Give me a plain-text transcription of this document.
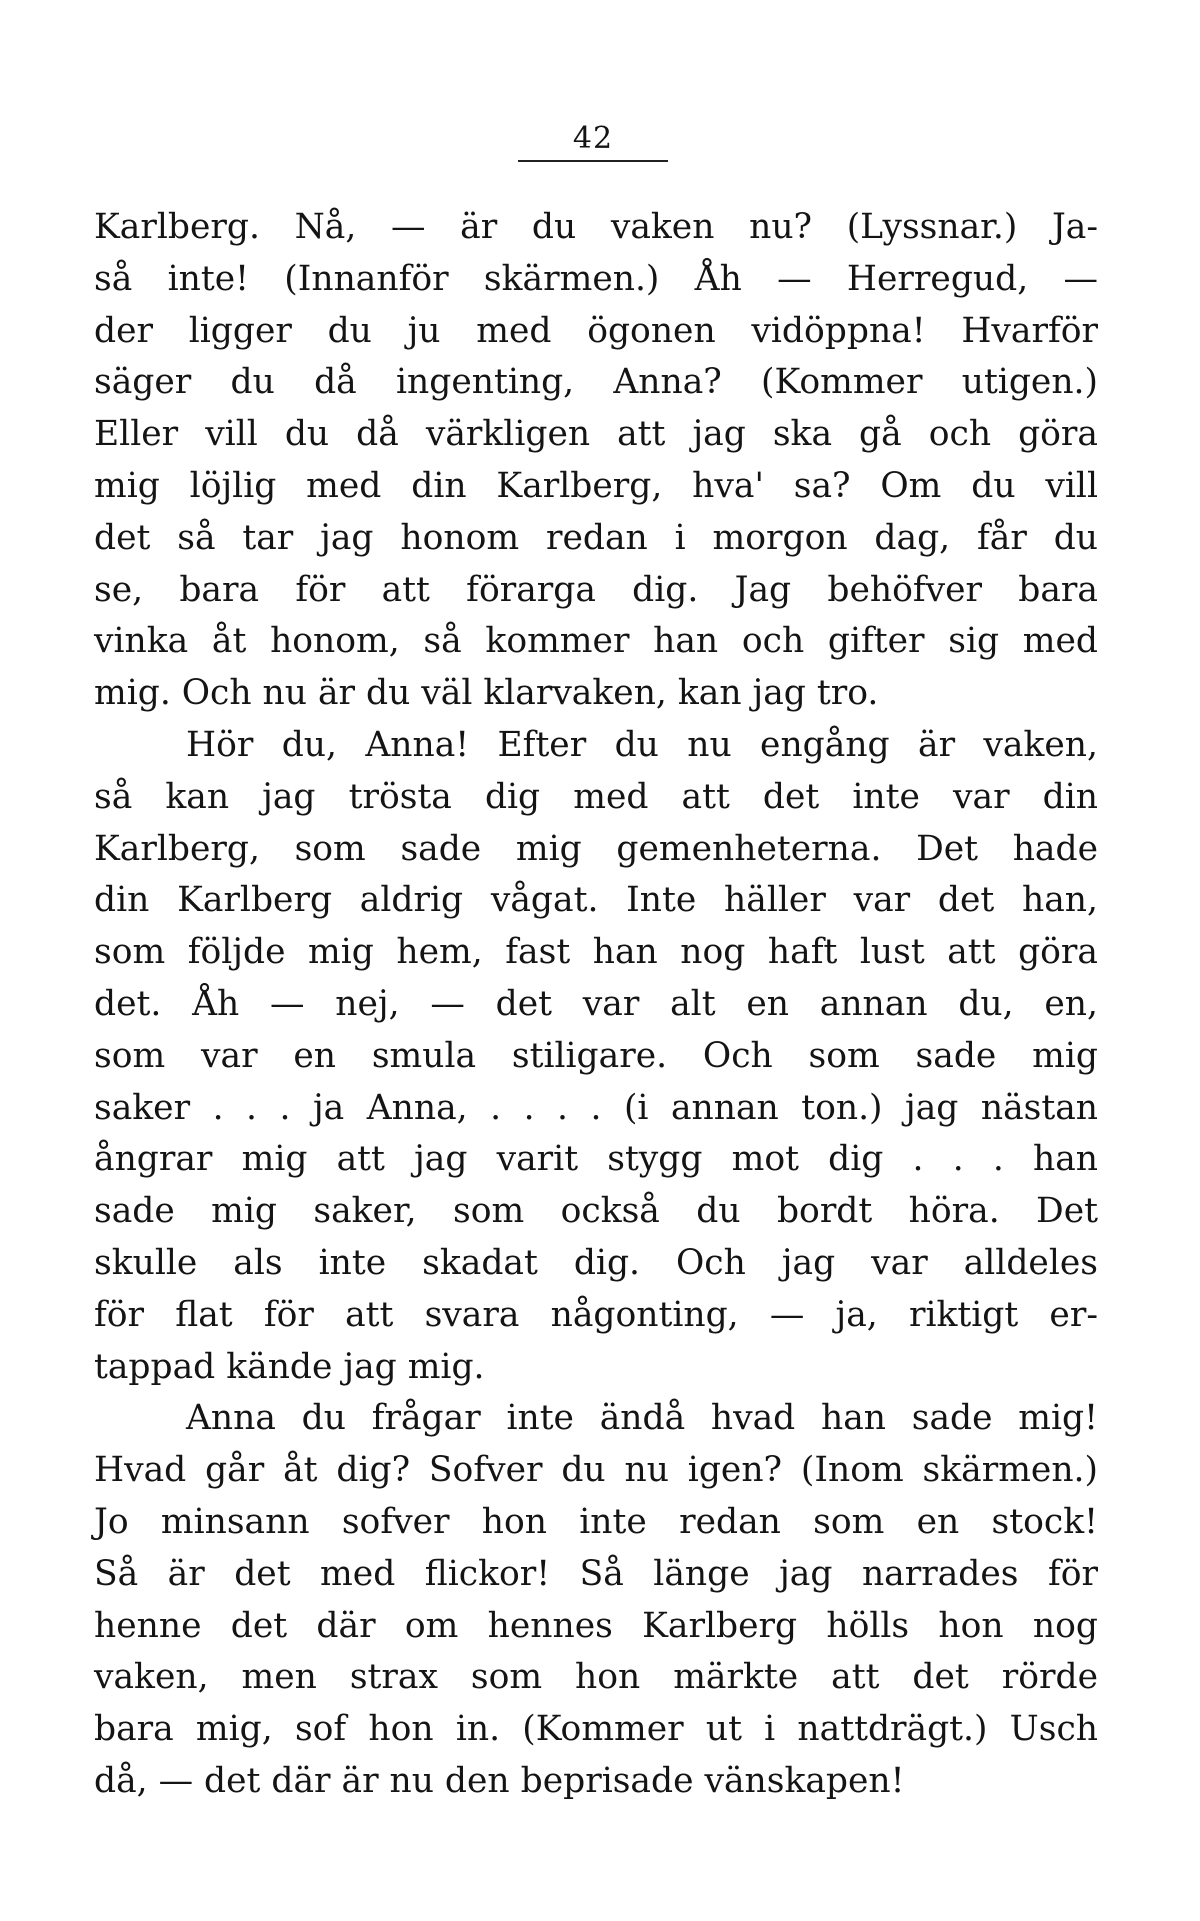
42
Karlberg. Nå, — är du vaken nu? (Lyssnar.) Ja-
så inte! (Innanför skärmen.) Åh — Herregud, —
der ligger du ju med ögonen vidöppna! Hvarför
säger du då ingenting, Anna? (Kommer utigen.)
Eller vill du då värkligen att jag ska gå och göra
mig löjlig med din Karlberg, hva' sa? Om du vill
det så tar jag honom redan i morgon dag, får du
se, bara för att förarga dig. Jag behöfver bara
vinka åt honom, så kommer han och gifter sig med
mig. Och nu är du väl klarvaken, kan jag tro.
Hör du, Anna! Efter du nu engång är vaken,
så kan jag trösta dig med att det inte var din
Karlberg, som sade mig gemenheterna. Det hade
din Karlberg aldrig vågat. Inte häller var det han,
som följde mig hem, fast han nog haft lust att göra
det. Åh — nej, — det var alt en annan du, en,
som var en smula stiligare. Och som sade mig
saker . . . ja Anna, . . . . (i annan ton.) jag nästan
ångrar mig att jag varit stygg mot dig . . . han
sade mig saker, som också du bordt höra. Det
skulle als inte skadat dig. Och jag var alldeles
för flat för att svara någonting, — ja, riktigt er-
tappad kände jag mig.
Anna du frågar inte ändå hvad han sade mig!
Hvad går åt dig? Sofver du nu igen? (Inom skärmen.)
Jo minsann sofver hon inte redan som en stock!
Så är det med flickor! Så länge jag narrades för
henne det där om hennes Karlberg hölls hon nog
vaken, men strax som hon märkte att det rörde
bara mig, sof hon in. (Kommer ut i nattdrägt.) Usch
då, — det där är nu den beprisade vänskapen!
